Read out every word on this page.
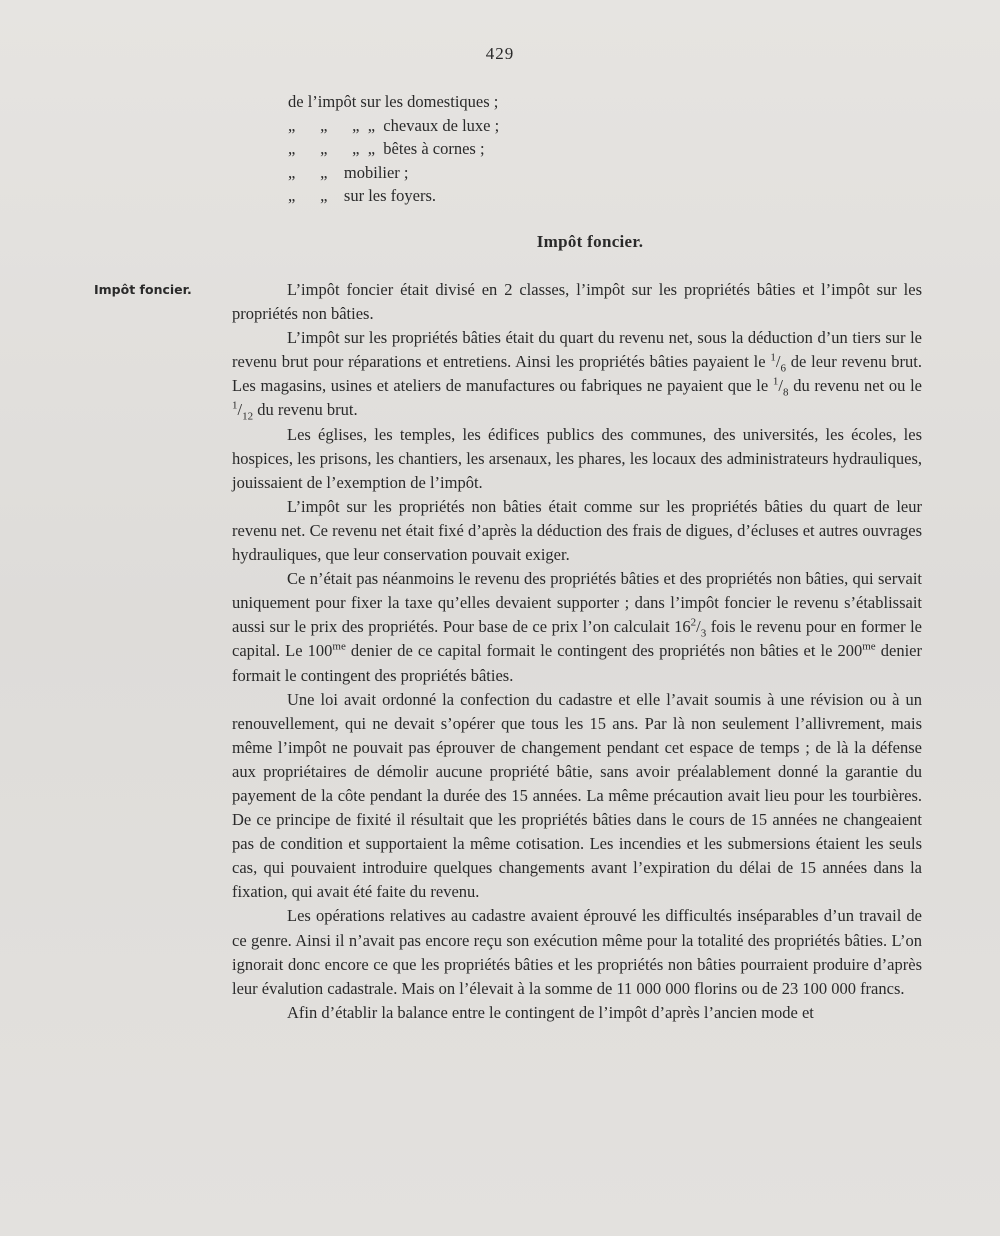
429
de l’impôt sur les domestiques ;
„      „      „  „  chevaux de luxe ;
„      „      „  „  bêtes à cornes ;
„      „    mobilier ;
„      „    sur les foyers.
Impôt foncier.
Impôt foncier.	L’impôt foncier était divisé en 2 classes, l’impôt sur les propriétés bâties et l’impôt sur les propriétés non bâties.

L’impôt sur les propriétés bâties était du quart du revenu net, sous la déduction d’un tiers sur le revenu brut pour réparations et entretiens. Ainsi les propriétés bâties payaient le $^1/_6$ de leur revenu brut. Les magasins, usines et ateliers de manufactures ou fabriques ne payaient que le $^1/_8$ du revenu net ou le $^1/_{12}$ du revenu brut.

Les églises, les temples, les édifices publics des communes, des universités, les écoles, les hospices, les prisons, les chantiers, les arsenaux, les phares, les locaux des administrateurs hydrauliques, jouissaient de l’exemption de l’impôt.

L’impôt sur les propriétés non bâties était comme sur les propriétés bâties du quart de leur revenu net. Ce revenu net était fixé d’après la déduction des frais de digues, d’écluses et autres ouvrages hydrauliques, que leur conservation pouvait exiger.

Ce n’était pas néanmoins le revenu des propriétés bâties et des propriétés non bâties, qui servait uniquement pour fixer la taxe qu’elles devaient supporter ; dans l’impôt foncier le revenu s’établissait aussi sur le prix des propriétés. Pour base de ce prix l’on calculait $16^2/_3$ fois le revenu pour en former le capital. Le $100^{me}$ denier de ce capital formait le contingent des propriétés non bâties et le $200^{me}$ denier formait le contingent des propriétés bâties.

Une loi avait ordonné la confection du cadastre et elle l’avait soumis à une révision ou à un renouvellement, qui ne devait s’opérer que tous les 15 ans. Par là non seulement l’allivrement, mais même l’impôt ne pouvait pas éprouver de changement pendant cet espace de temps ; de là la défense aux propriétaires de démolir aucune propriété bâtie, sans avoir préalablement donné la garantie du payement de la côte pendant la durée des 15 années. La même précaution avait lieu pour les tourbières. De ce principe de fixité il résultait que les propriétés bâties dans le cours de 15 années ne changeaient pas de condition et supportaient la même cotisation. Les incendies et les submersions étaient les seuls cas, qui pouvaient introduire quelques changements avant l’expiration du délai de 15 années dans la fixation, qui avait été faite du revenu.

Les opérations relatives au cadastre avaient éprouvé les difficultés inséparables d’un travail de ce genre. Ainsi il n’avait pas encore reçu son exécution même pour la totalité des propriétés bâties. L’on ignorait donc encore ce que les propriétés bâties et les propriétés non bâties pourraient produire d’après leur évalution cadastrale. Mais on l’élevait à la somme de 11 000 000 florins ou de 23 100 000 francs.

Afin d’établir la balance entre le contingent de l’impôt d’après l’ancien mode et
